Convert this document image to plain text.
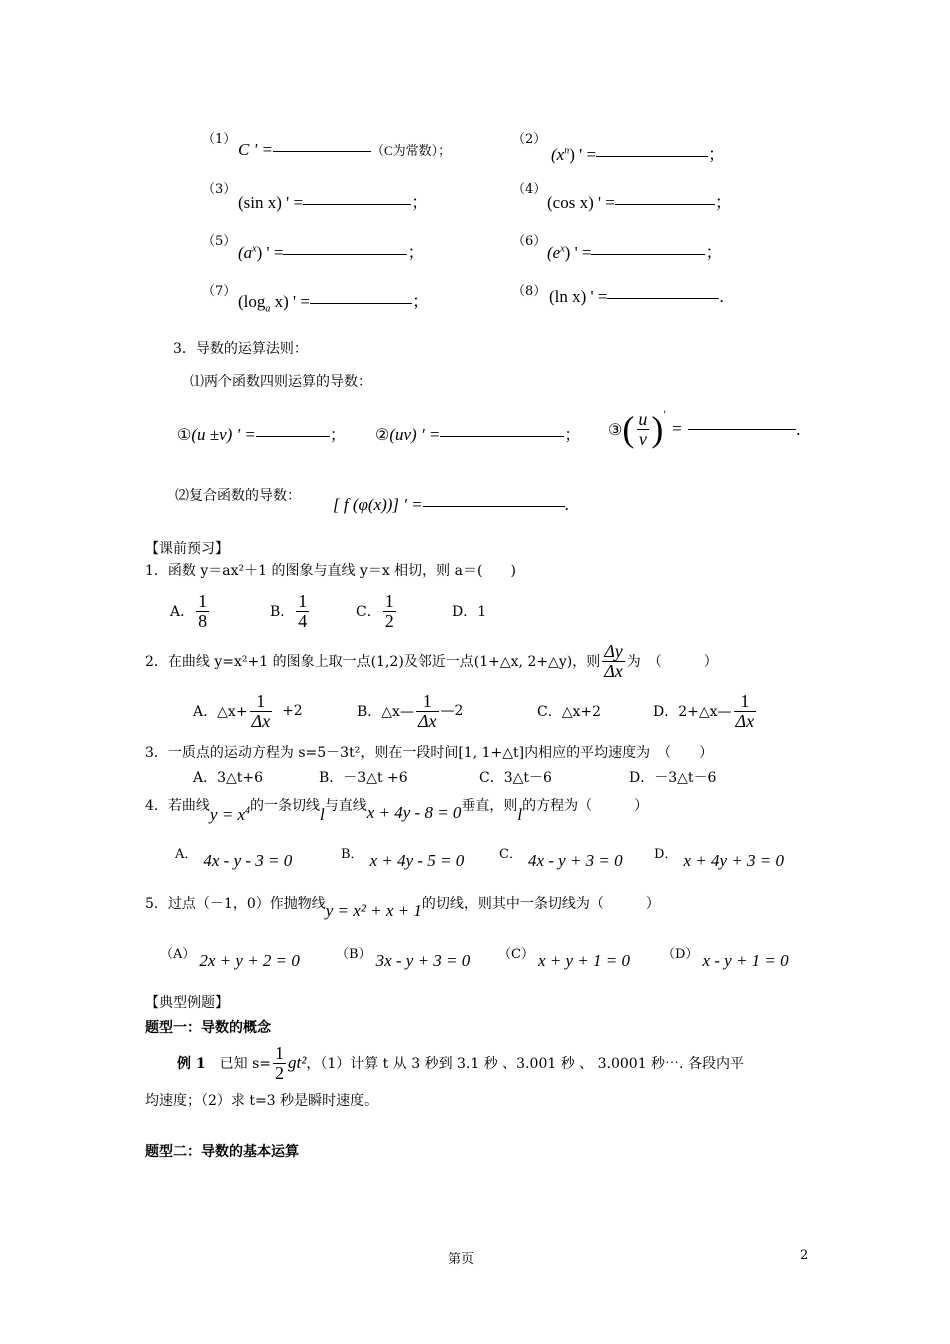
（1）
C ' =	（C为常数）；
（2）
$(x^n)$ ' =	；
（3）
(sin x) ' =	；
（4）
(cos x) ' =	；
（5）
$(a^x)$ ' =	；
（6）
$(e^x)$ ' =	；
（7）
($\log_a$ x) ' =	；
（8） (ln x) ' =	.
3．导数的运算法则：
⑴两个函数四则运算的导数：
①(u ±v) ' =	； ②(uv) ' =	； ③ ( $\frac{u}{v}$ ) '
=	.
⑵复合函数的导数： [ f (φ(x))] ' =	.
【课前预习】
1．函数 y＝ax²＋1 的图象与直线 y＝x 相切，则 a＝(　　)
A． $\frac{1}{8}$	B． $\frac{1}{4}$	C． $\frac{1}{2}$	D．1
2．在曲线 y=x²+1 的图象上取一点(1,2)及邻近一点(1+△x, 2+△y)，则 $\frac{\Delta y}{\Delta x}$ 为　（　　　）
A．△x+ $\frac{1}{\Delta x} +2$	B．△x— $\frac{1}{\Delta x}$ —2	C．△x+2	D．2+△x— $\frac{1}{\Delta x}$
3．一质点的运动方程为 s=5－3t²，则在一段时间[1, 1+△t]内相应的平均速度为　（　　）
A．3△t+6	B．－3△t +6	C．3△t－6	D．－3△t－6
4．若曲线 $y = x^4$ 的一条切线 l 与直线 x + 4y - 8 = 0 垂直，则 l 的方程为（　　　）
A． 4x - y - 3 = 0	B． x + 4y - 5 = 0	C． 4x - y + 3 = 0	D． x + 4y + 3 = 0
5．过点（－1，0）作抛物线 y = x² + x + 1 的切线，则其中一条切线为（　　　）
（A） 2x + y + 2 = 0	（B） 3x - y + 3 = 0	（C） x + y + 1 = 0	（D） x - y + 1 = 0
【典型例题】
题型一：导数的概念
例 1 已知 $s= \frac{1}{2} gt^2$ ，（1）计算 t 从 3 秒到 3.1 秒 、3.001 秒 、 3.0001 秒⋯. 各段内平
均速度；（2）求 t=3 秒是瞬时速度。
题型二：导数的基本运算
第页	2
